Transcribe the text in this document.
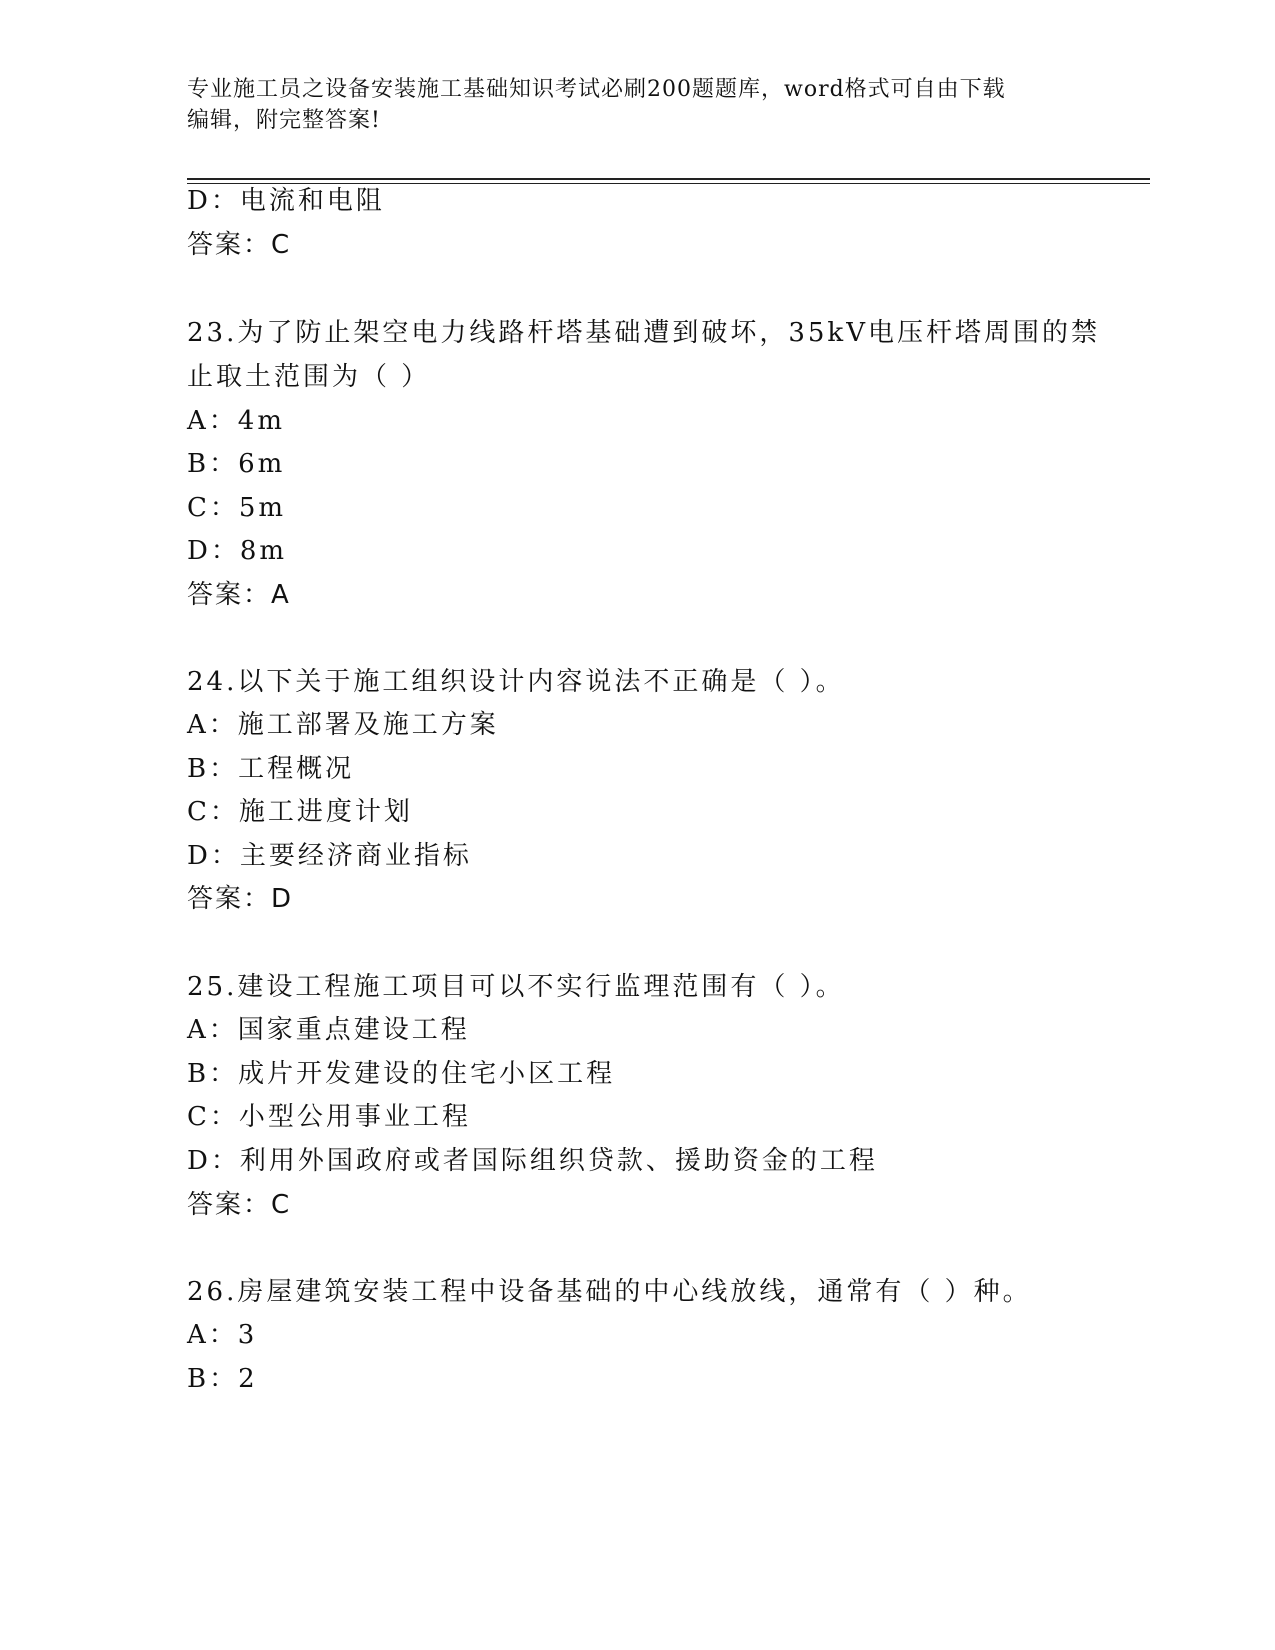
专业施工员之设备安装施工基础知识考试必刷200题题库，word格式可自由下载
编辑，附完整答案!
D：电流和电阻
答案：C
23.为了防止架空电力线路杆塔基础遭到破坏，35kV电压杆塔周围的禁
止取土范围为（ ）
A：4m
B：6m
C：5m
D：8m
答案：A
24.以下关于施工组织设计内容说法不正确是（ ）。
A：施工部署及施工方案
B：工程概况
C：施工进度计划
D：主要经济商业指标
答案：D
25.建设工程施工项目可以不实行监理范围有（ ）。
A：国家重点建设工程
B：成片开发建设的住宅小区工程
C：小型公用事业工程
D：利用外国政府或者国际组织贷款、援助资金的工程
答案：C
26.房屋建筑安装工程中设备基础的中心线放线，通常有（ ）种。
A：3
B：2
